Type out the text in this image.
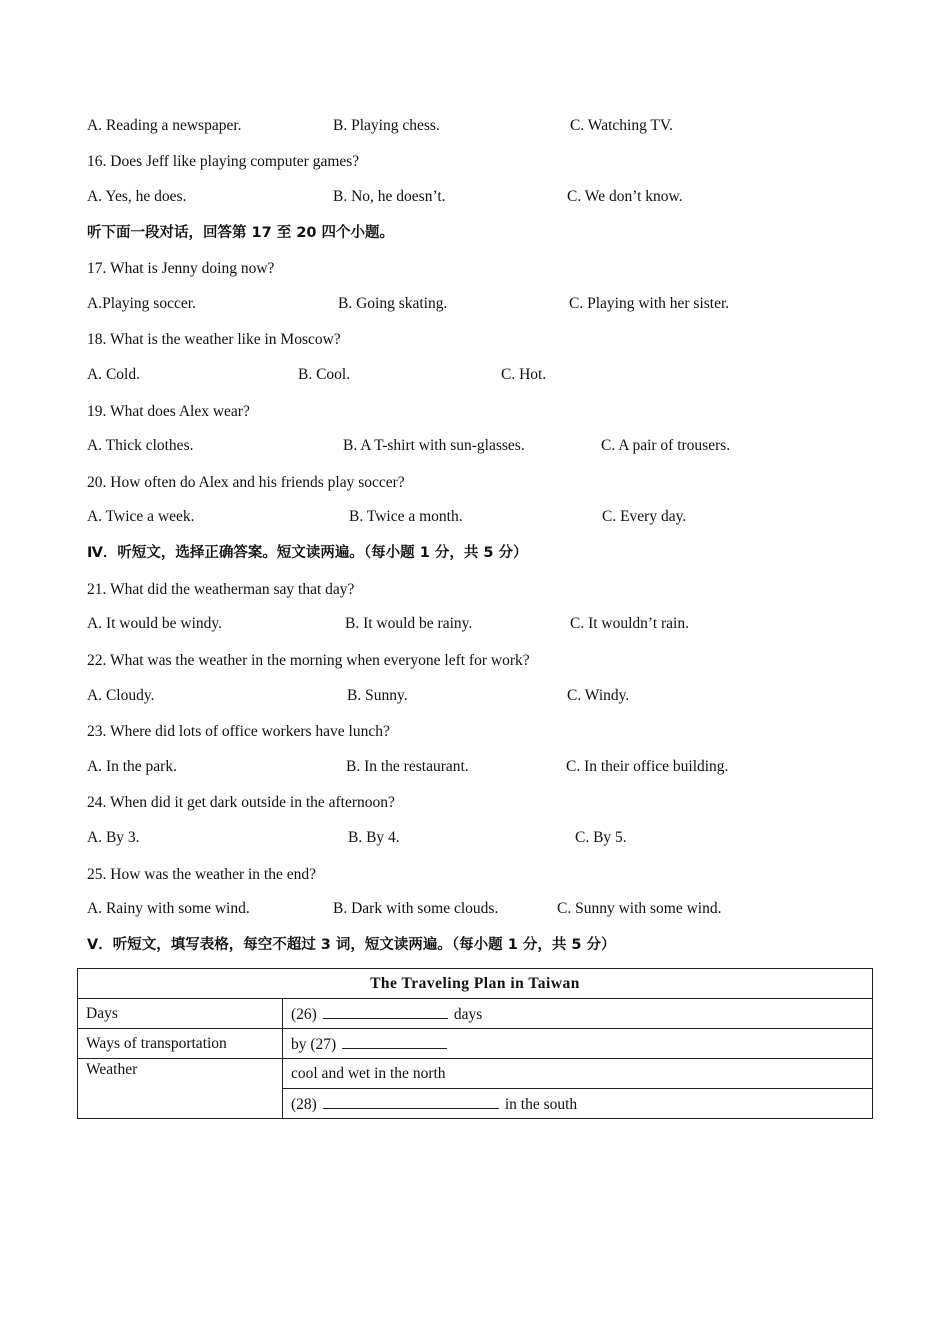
A. Reading a newspaper.	B. Playing chess.	C. Watching TV.
16. Does Jeff like playing computer games?
A. Yes, he does.	B. No, he doesn’t.	C. We don’t know.
听下面一段对话，回答第 17 至 20 四个小题。
17. What is Jenny doing now?
A.Playing soccer.	B. Going skating.	C. Playing with her sister.
18. What is the weather like in Moscow?
A. Cold.	B. Cool.	C. Hot.
19. What does Alex wear?
A. Thick clothes.	B. A T-shirt with sun-glasses.	C. A pair of trousers.
20. How often do Alex and his friends play soccer?
A. Twice a week.	B. Twice a month.	C. Every day.
Ⅳ．听短文，选择正确答案。短文读两遍。（每小题 1 分，共 5 分）
21. What did the weatherman say that day?
A. It would be windy.	B. It would be rainy.	C. It wouldn’t rain.
22. What was the weather in the morning when everyone left for work?
A. Cloudy.	B. Sunny.	C. Windy.
23. Where did lots of office workers have lunch?
A. In the park.	B. In the restaurant.	C. In their office building.
24. When did it get dark outside in the afternoon?
A. By 3.	B. By 4.	C. By 5.
25. How was the weather in the end?
A. Rainy with some wind.	B. Dark with some clouds.	C. Sunny with some wind.
Ⅴ．听短文，填写表格，每空不超过 3 词，短文读两遍。（每小题 1 分，共 5 分）
The Traveling Plan in Taiwan	
Days	(26) days
Ways of transportation	by (27)
Weather	cool and wet in the north
	(28) in the south
